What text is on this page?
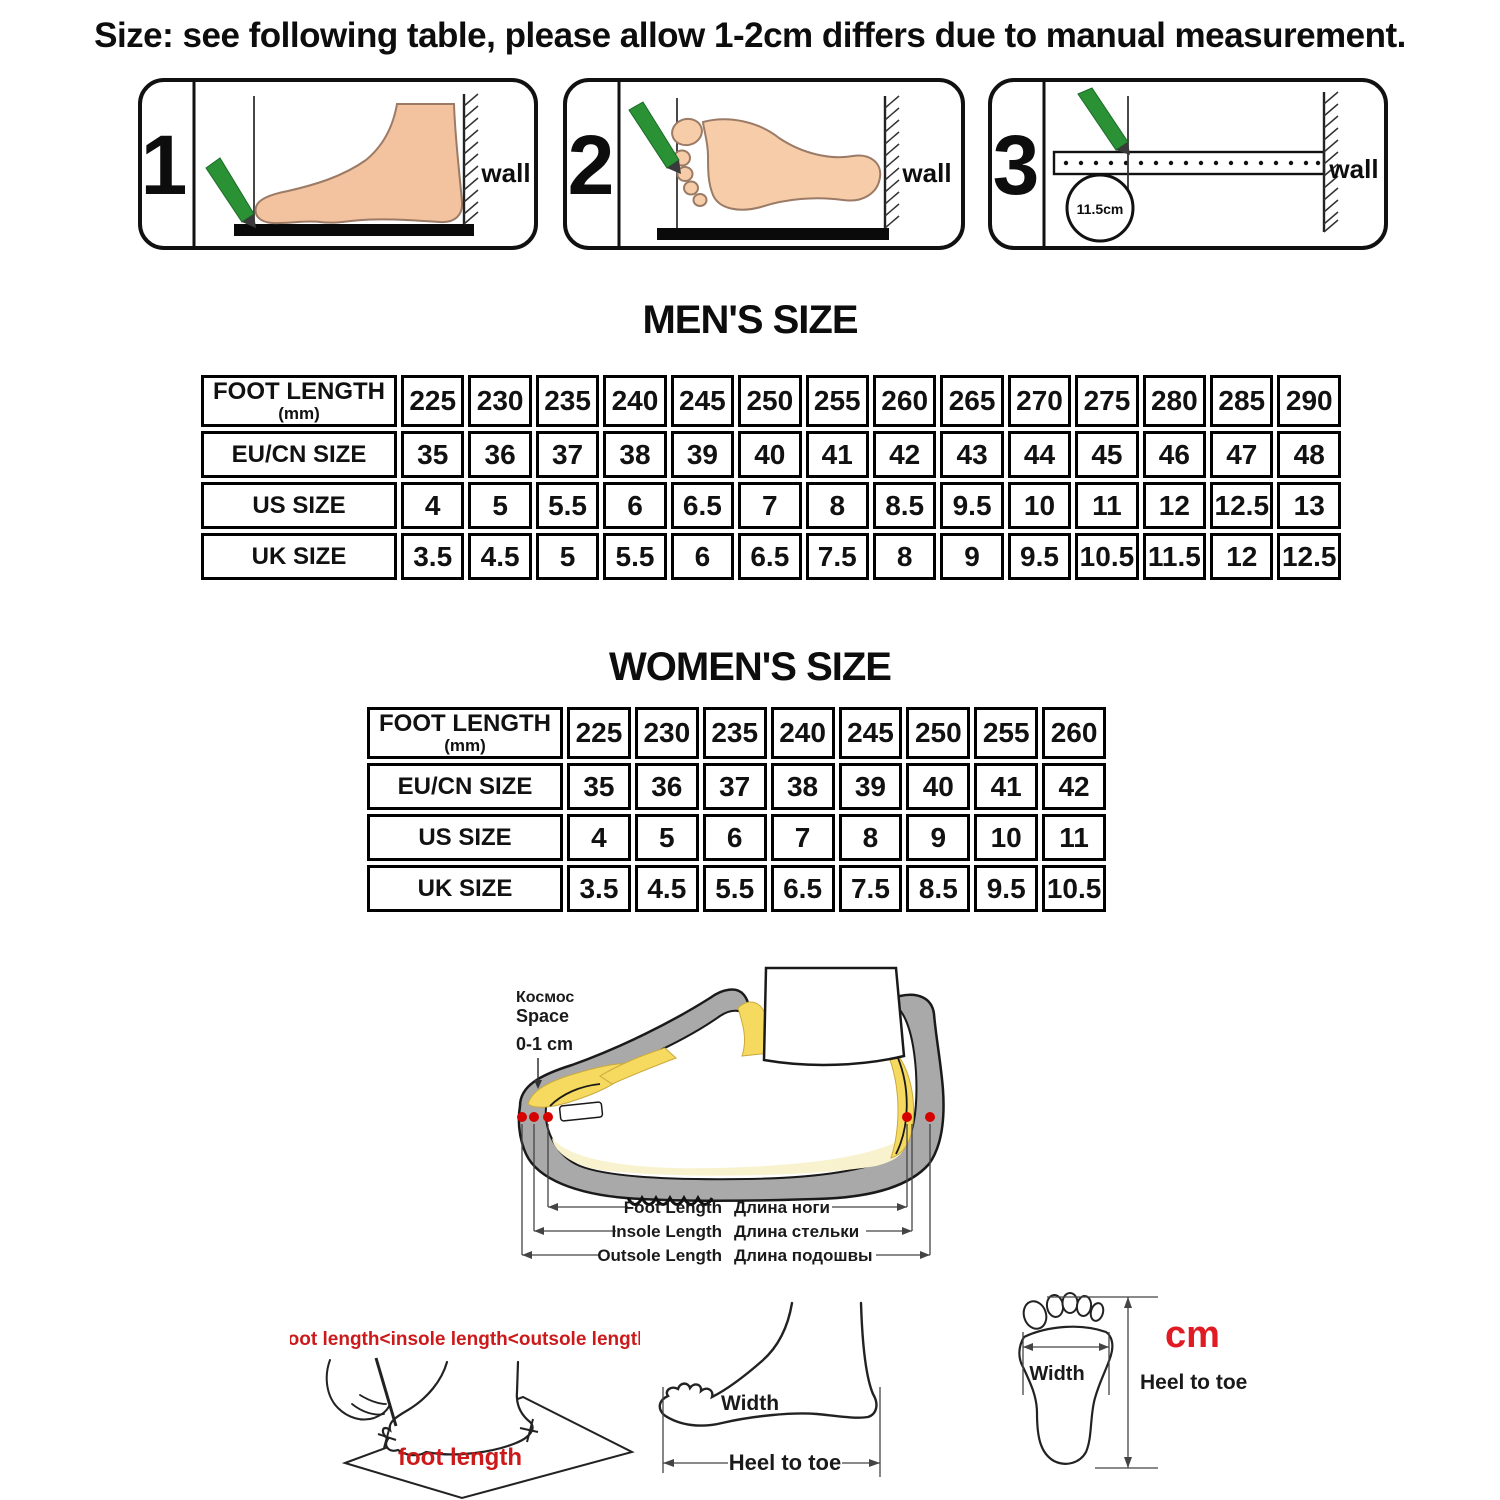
Size: see following table, please allow 1-2cm differs due to manual measurement.
1	wall 2	wall 3	11.5cm
wall
MEN'S SIZE
FOOT LENGTH
(mm)	225	230	235	240	245	250	255	260	265	270	275	280	285	290

EU/CN SIZE	35	36	37	38	39	40	41	42	43	44	45	46	47	48

US SIZE	4	5	5.5	6	6.5	7	8	8.5	9.5	10	11	12	12.5	13

UK SIZE	3.5	4.5	5	5.5	6	6.5	7.5	8	9	9.5	10.5	11.5	12	12.5
WOMEN'S SIZE
FOOT LENGTH
(mm)	225	230	235	240	245	250	255	260

EU/CN SIZE	35	36	37	38	39	40	41	42

US SIZE	4	5	6	7	8	9	10	11

UK SIZE	3.5	4.5	5.5	6.5	7.5	8.5	9.5	10.5
Космос
Space
0-1 cm
Foot Length Длина ноги
Insole Length Длина стельки
Outsole Length Длина подошвы
foot length<insole length<outsole length
foot length
Width
Heel to toe
Width
cm
Heel to toe
